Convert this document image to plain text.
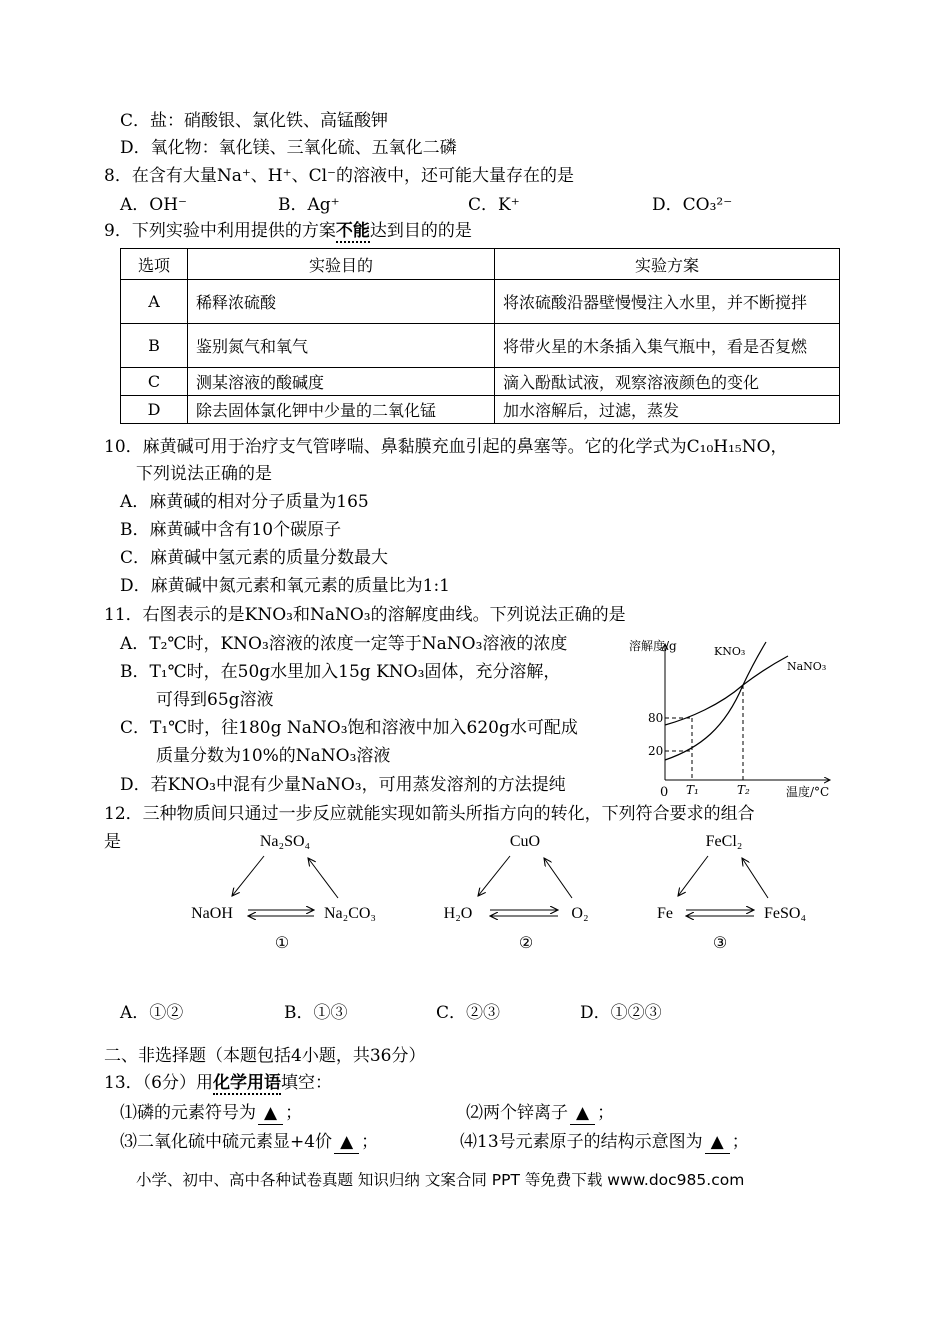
C．盐：硝酸银、氯化铁、高锰酸钾
D．氧化物：氧化镁、三氧化硫、五氧化二磷
8．在含有大量Na⁺、H⁺、Cl⁻的溶液中，还可能大量存在的是
A．OH⁻	B．Ag⁺	C．K⁺	D．CO₃²⁻
9．下列实验中利用提供的方案不能达到目的的是
选项	实验目的	实验方案
A	稀释浓硫酸	将浓硫酸沿器壁慢慢注入水里，并不断搅拌
B	鉴别氮气和氧气	将带火星的木条插入集气瓶中，看是否复燃
C	测某溶液的酸碱度	滴入酚酞试液，观察溶液颜色的变化
D	除去固体氯化钾中少量的二氧化锰	加水溶解后，过滤，蒸发
10．麻黄碱可用于治疗支气管哮喘、鼻黏膜充血引起的鼻塞等。它的化学式为C₁₀H₁₅NO，
下列说法正确的是
A．麻黄碱的相对分子质量为165
B．麻黄碱中含有10个碳原子
C．麻黄碱中氢元素的质量分数最大
D．麻黄碱中氮元素和氧元素的质量比为1:1
11．右图表示的是KNO₃和NaNO₃的溶解度曲线。下列说法正确的是
A．T₂℃时，KNO₃溶液的浓度一定等于NaNO₃溶液的浓度
B．T₁℃时，在50g水里加入15g KNO₃固体，充分溶解，
可得到65g溶液
C．T₁℃时，往180g NaNO₃饱和溶液中加入620g水可配成
质量分数为10%的NaNO₃溶液
D．若KNO₃中混有少量NaNO₃，可用蒸发溶剂的方法提纯
溶解度/g
温度/°C
0
80
20
T₁	T₂
KNO₃
NaNO₃
12．三种物质间只通过一步反应就能实现如箭头所指方向的转化，下列符合要求的组合
是	Na₂SO₄
NaOH	Na₂CO₃
①
CuO
H₂O	O₂
②
FeCl₂
Fe	FeSO₄
③
A．①②	B．①③	C．②③	D．①②③
二、非选择题（本题包括4小题，共36分）
13．（6分）用化学用语填空：
⑴磷的元素符号为 ▲ ；	⑵两个锌离子 ▲ ；
⑶二氧化硫中硫元素显+4价 ▲ ；	⑷13号元素原子的结构示意图为 ▲ ；
小学、初中、高中各种试卷真题 知识归纳 文案合同 PPT 等免费下载 www.doc985.com
